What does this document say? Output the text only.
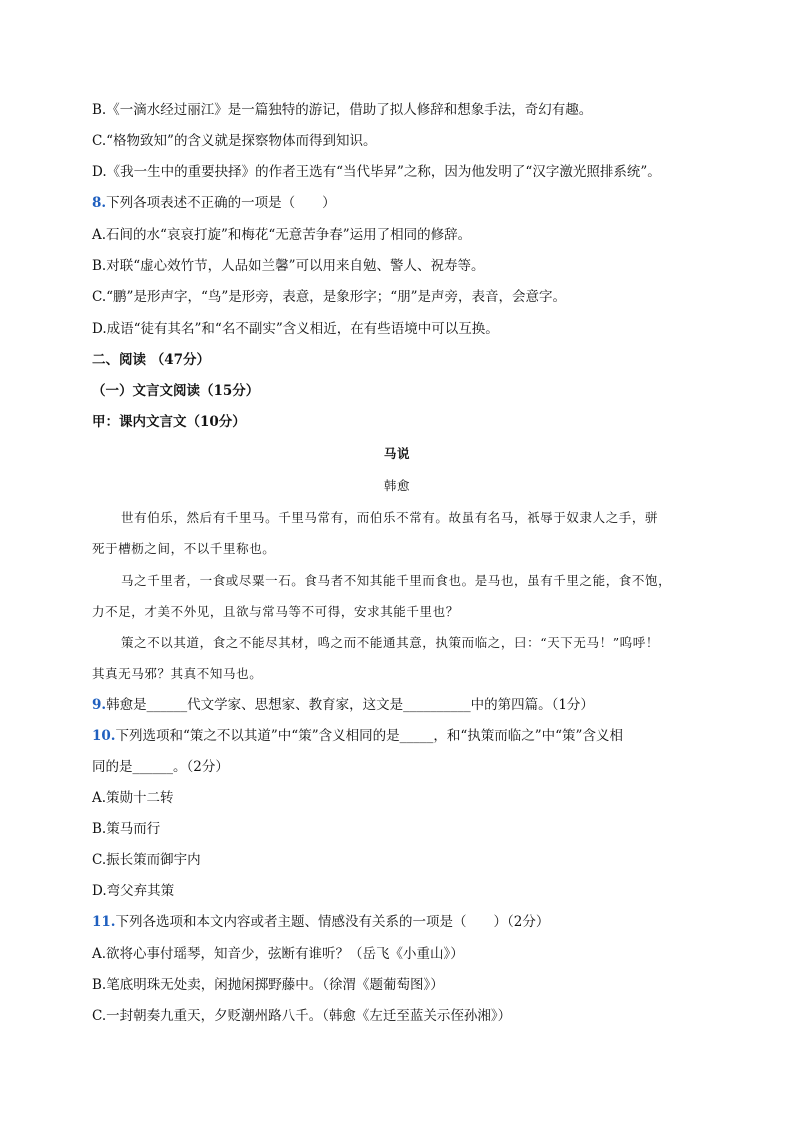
B.《一滴水经过丽江》是一篇独特的游记，借助了拟人修辞和想象手法，奇幻有趣。
C.“格物致知”的含义就是探察物体而得到知识。
D.《我一生中的重要抉择》的作者王选有“当代毕昇”之称，因为他发明了“汉字激光照排系统”。
8.下列各项表述不正确的一项是（　　）
A.石间的水“哀哀打旋”和梅花“无意苦争春”运用了相同的修辞。
B.对联“虚心效竹节，人品如兰馨”可以用来自勉、警人、祝寿等。
C.“鹏”是形声字，“鸟”是形旁，表意，是象形字；“朋”是声旁，表音，会意字。
D.成语“徒有其名”和“名不副实”含义相近，在有些语境中可以互换。
二、阅读 （47分）
（一）文言文阅读（15分）
甲：课内文言文（10分）
马说
韩愈
世有伯乐，然后有千里马。千里马常有，而伯乐不常有。故虽有名马，祇辱于奴隶人之手，骈
死于槽枥之间，不以千里称也。
马之千里者，一食或尽粟一石。食马者不知其能千里而食也。是马也，虽有千里之能，食不饱，
力不足，才美不外见，且欲与常马等不可得，安求其能千里也？
策之不以其道，食之不能尽其材，鸣之而不能通其意，执策而临之，曰：“天下无马！”呜呼！
其真无马邪？其真不知马也。
9.韩愈是______代文学家、思想家、教育家，这文是__________中的第四篇。（1分）
10.下列选项和“策之不以其道”中“策”含义相同的是_____，和“执策而临之”中“策”含义相
同的是______。（2分）
A.策勋十二转
B.策马而行
C.振长策而御宇内
D.弯父弃其策
11.下列各选项和本文内容或者主题、情感没有关系的一项是（　　）（2分）
A.欲将心事付瑶琴，知音少，弦断有谁听？（岳飞《小重山》）
B.笔底明珠无处卖，闲抛闲掷野藤中。（徐渭《题葡萄图》）
C.一封朝奏九重天，夕贬潮州路八千。（韩愈《左迁至蓝关示侄孙湘》）
